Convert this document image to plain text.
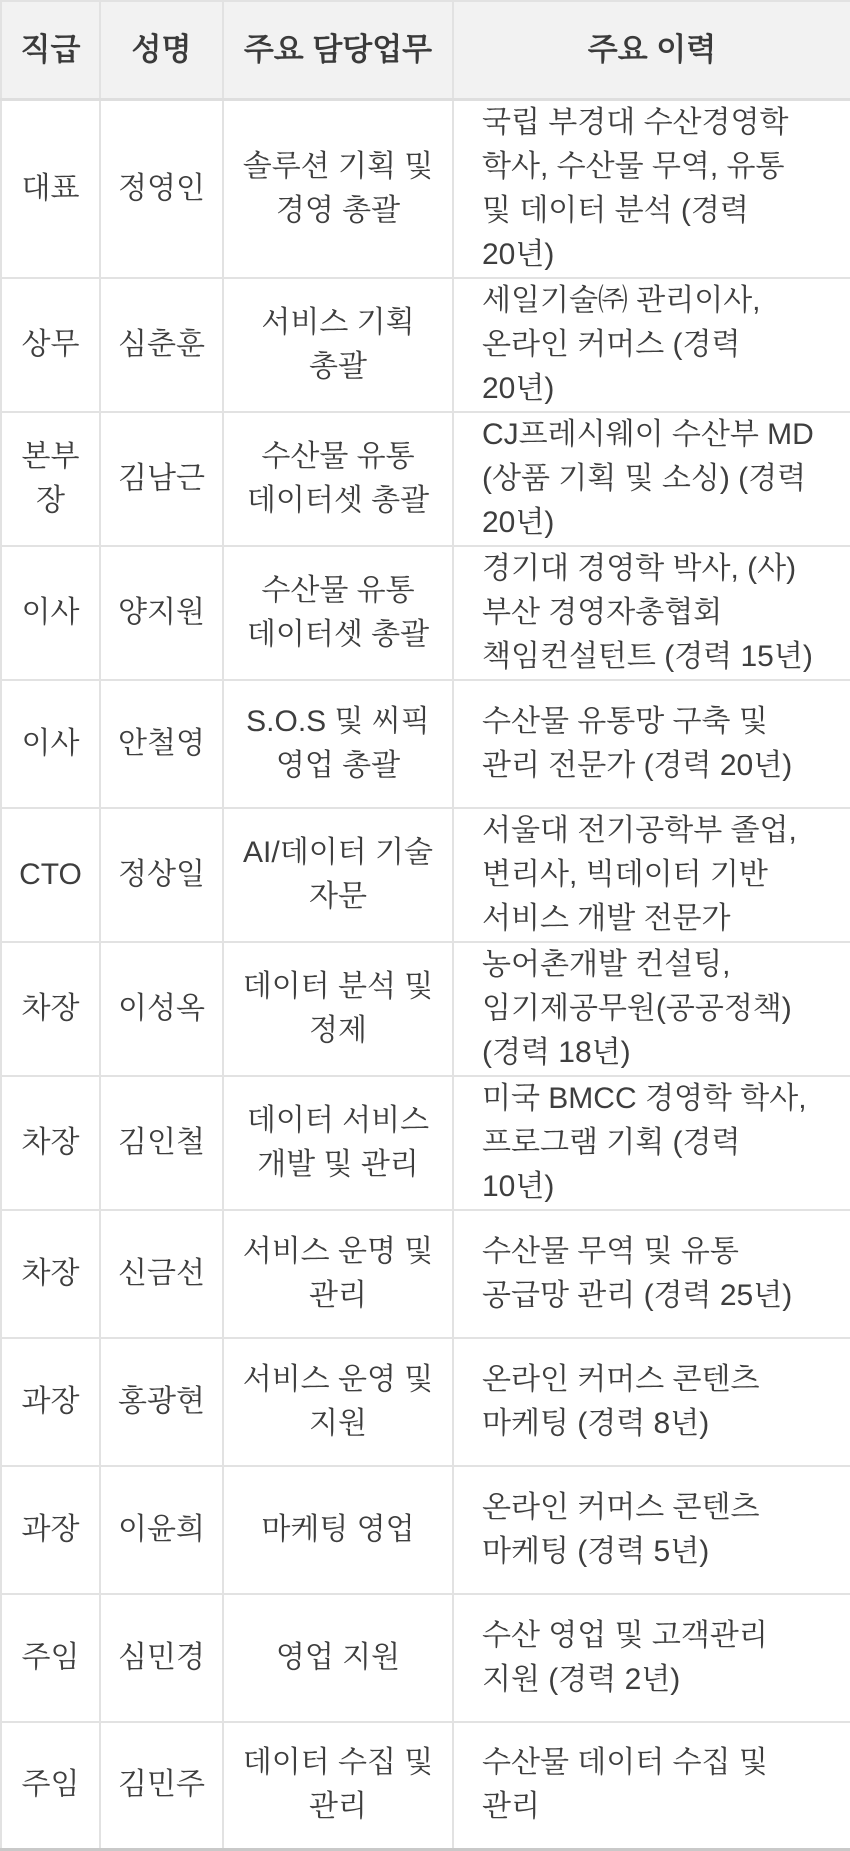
직급	성명	주요 담당업무	주요 이력
대표	정영인	솔루션 기획 및 경영 총괄	국립 부경대 수산경영학 학사, 수산물 무역, 유통 및 데이터 분석 (경력 20년)
상무	심춘훈	서비스 기획 총괄	세일기술㈜ 관리이사, 온라인 커머스 (경력 20년)
본부장	김남근	수산물 유통 데이터셋 총괄	CJ프레시웨이 수산부 MD (상품 기획 및 소싱) (경력 20년)
이사	양지원	수산물 유통 데이터셋 총괄	경기대 경영학 박사, (사)부산 경영자총협회 책임컨설턴트 (경력 15년)
이사	안철영	S.O.S 및 씨픽 영업 총괄	수산물 유통망 구축 및 관리 전문가 (경력 20년)
CTO	정상일	AI/데이터 기술 자문	서울대 전기공학부 졸업, 변리사, 빅데이터 기반 서비스 개발 전문가
차장	이성옥	데이터 분석 및 정제	농어촌개발 컨설팅, 임기제공무원(공공정책) (경력 18년)
차장	김인철	데이터 서비스 개발 및 관리	미국 BMCC 경영학 학사, 프로그램 기획 (경력 10년)
차장	신금선	서비스 운명 및 관리	수산물 무역 및 유통 공급망 관리 (경력 25년)
과장	홍광현	서비스 운영 및 지원	온라인 커머스 콘텐츠 마케팅 (경력 8년)
과장	이윤희	마케팅 영업	온라인 커머스 콘텐츠 마케팅 (경력 5년)
주임	심민경	영업 지원	수산 영업 및 고객관리 지원 (경력 2년)
주임	김민주	데이터 수집 및 관리	수산물 데이터 수집 및 관리
